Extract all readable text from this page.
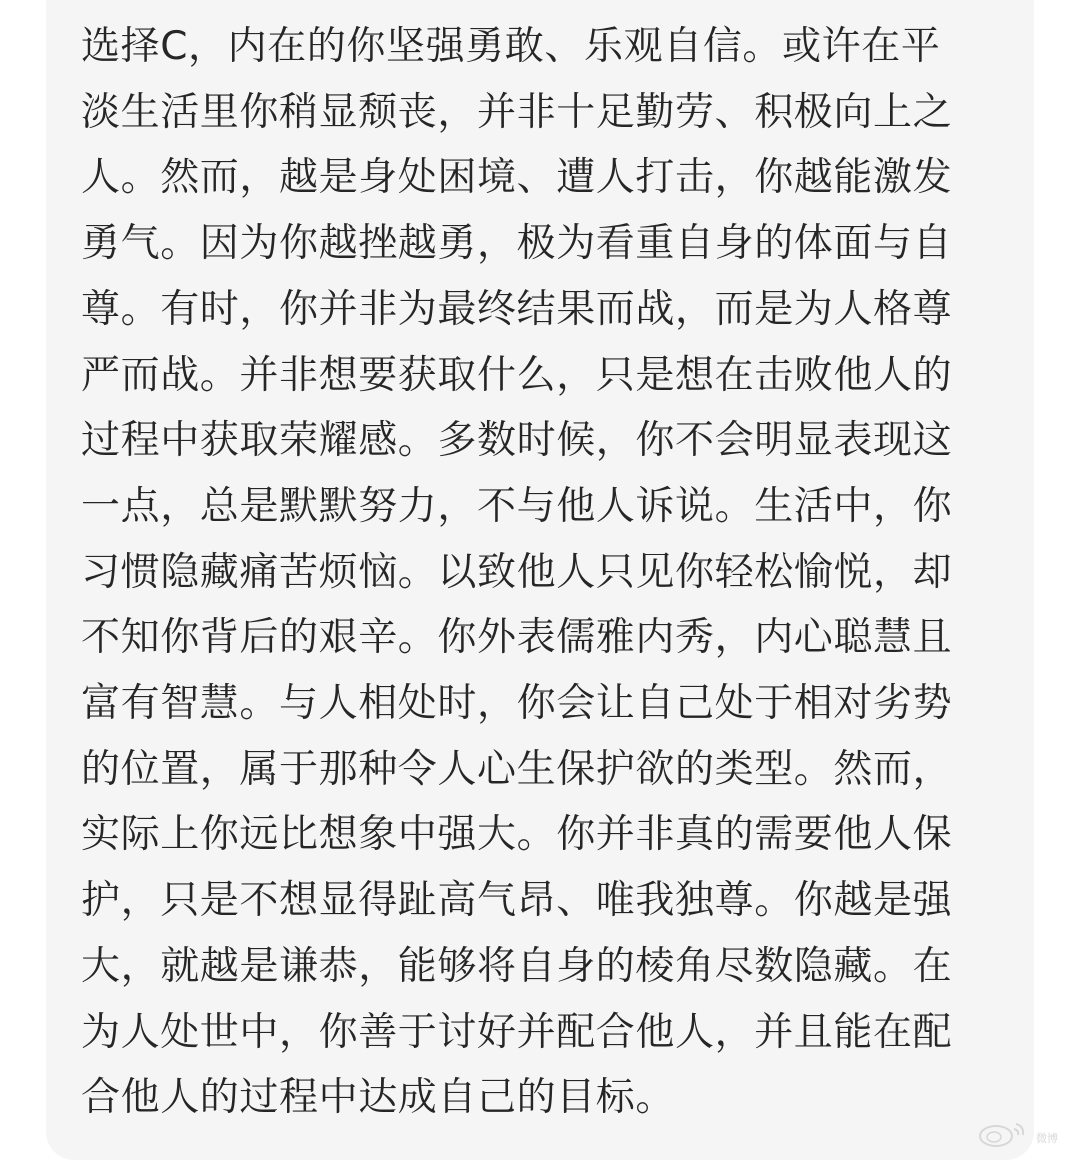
选择C，内在的你坚强勇敢、乐观自信。或许在平
淡生活里你稍显颓丧，并非十足勤劳、积极向上之
人。然而，越是身处困境、遭人打击，你越能激发
勇气。因为你越挫越勇，极为看重自身的体面与自
尊。有时，你并非为最终结果而战，而是为人格尊
严而战。并非想要获取什么，只是想在击败他人的
过程中获取荣耀感。多数时候，你不会明显表现这
一点，总是默默努力，不与他人诉说。生活中，你
习惯隐藏痛苦烦恼。以致他人只见你轻松愉悦，却
不知你背后的艰辛。你外表儒雅内秀，内心聪慧且
富有智慧。与人相处时，你会让自己处于相对劣势
的位置，属于那种令人心生保护欲的类型。然而，
实际上你远比想象中强大。你并非真的需要他人保
护，只是不想显得趾高气昂、唯我独尊。你越是强
大，就越是谦恭，能够将自身的棱角尽数隐藏。在
为人处世中，你善于讨好并配合他人，并且能在配
合他人的过程中达成自己的目标。
微博
